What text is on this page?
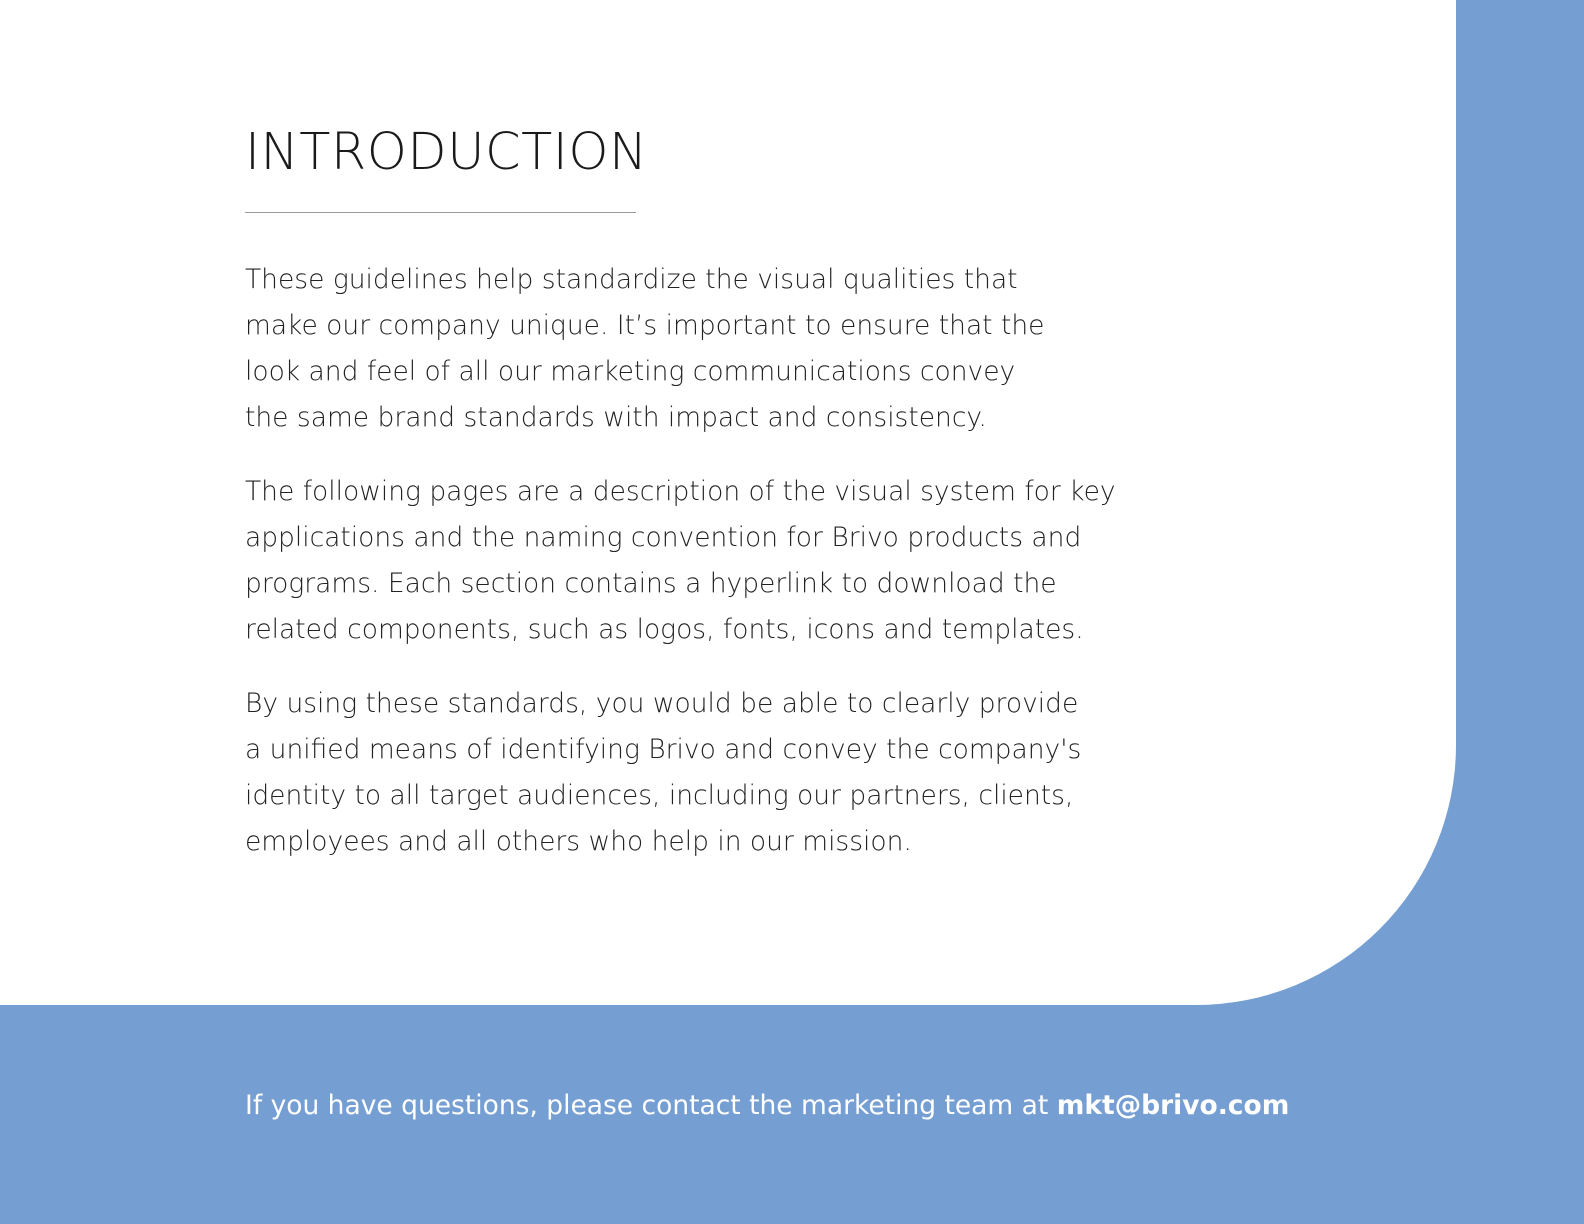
INTRODUCTION

These guidelines help standardize the visual qualities that
make our company unique. It’s important to ensure that the
look and feel of all our marketing communications convey
the same brand standards with impact and consistency.

The following pages are a description of the visual system for key
applications and the naming convention for Brivo products and
programs. Each section contains a hyperlink to download the
related components, such as logos, fonts, icons and templates.

By using these standards, you would be able to clearly provide
a unified means of identifying Brivo and convey the company's
identity to all target audiences, including our partners, clients,
employees and all others who help in our mission.

If you have questions, please contact the marketing team at mkt@brivo.com
